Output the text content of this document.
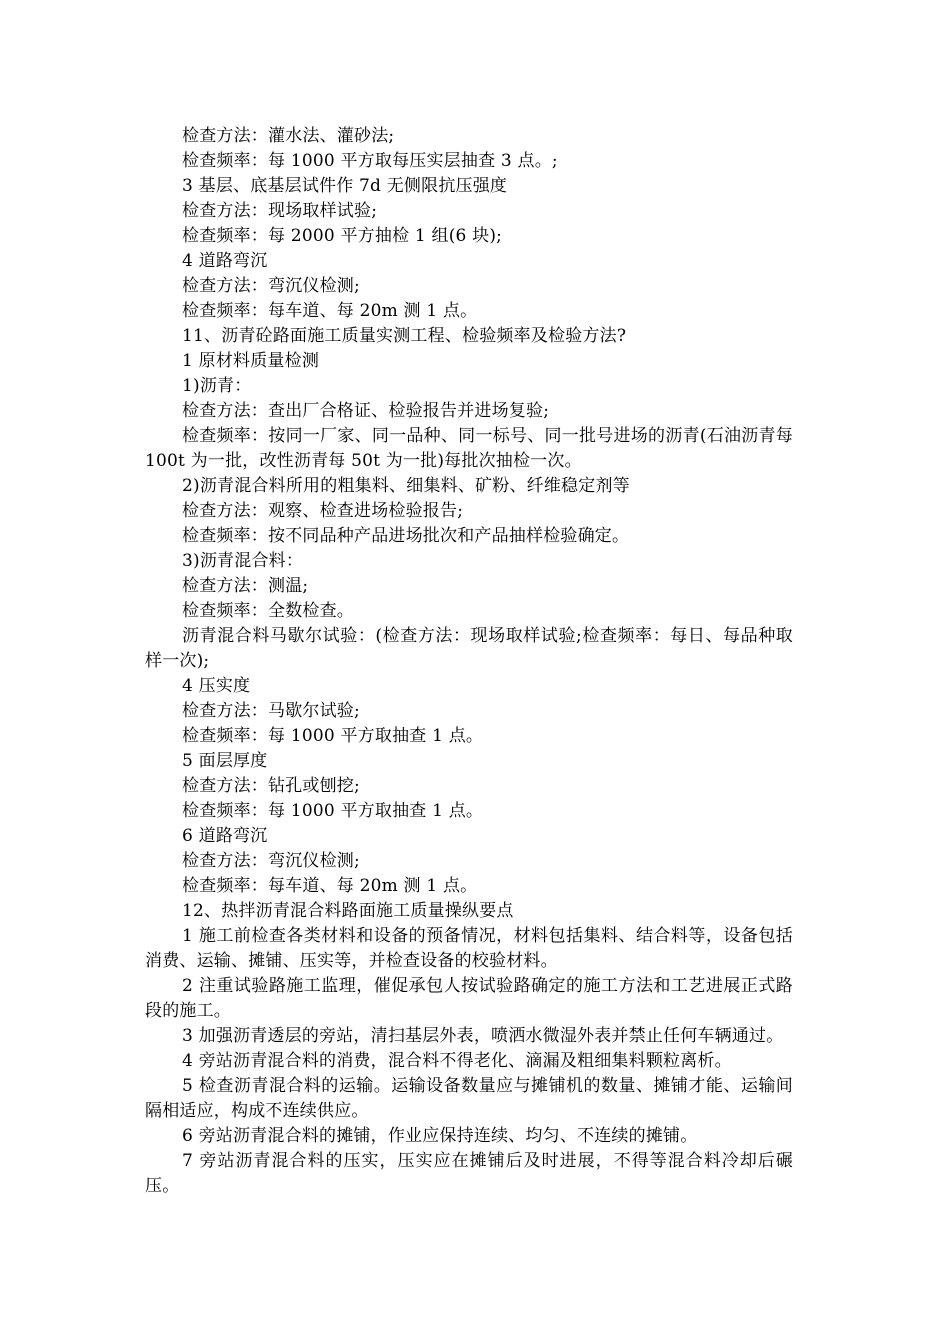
检查方法：灌水法、灌砂法;

检查频率：每 1000 平方取每压实层抽查 3 点。;

3 基层、底基层试件作 7d 无侧限抗压强度

检查方法：现场取样试验;

检查频率：每 2000 平方抽检 1 组(6 块);

4 道路弯沉

检查方法：弯沉仪检测;

检查频率：每车道、每 20m 测 1 点。

11、沥青砼路面施工质量实测工程、检验频率及检验方法?

1 原材料质量检测

1)沥青：

检查方法：查出厂合格证、检验报告并进场复验;

检查频率：按同一厂家、同一品种、同一标号、同一批号进场的沥青(石油沥青每 100t 为一批，改性沥青每 50t 为一批)每批次抽检一次。

2)沥青混合料所用的粗集料、细集料、矿粉、纤维稳定剂等

检查方法：观察、检查进场检验报告;

检查频率：按不同品种产品进场批次和产品抽样检验确定。

3)沥青混合料：

检查方法：测温;

检查频率：全数检查。

沥青混合料马歇尔试验：(检查方法：现场取样试验;检查频率：每日、每品种取样一次);

4 压实度

检查方法：马歇尔试验;

检查频率：每 1000 平方取抽查 1 点。

5 面层厚度

检查方法：钻孔或刨挖;

检查频率：每 1000 平方取抽查 1 点。

6 道路弯沉

检查方法：弯沉仪检测;

检查频率：每车道、每 20m 测 1 点。

12、热拌沥青混合料路面施工质量操纵要点

1 施工前检查各类材料和设备的预备情况，材料包括集料、结合料等，设备包括消费、运输、摊铺、压实等，并检查设备的校验材料。

2 注重试验路施工监理，催促承包人按试验路确定的施工方法和工艺进展正式路段的施工。

3 加强沥青透层的旁站，清扫基层外表，喷洒水微湿外表并禁止任何车辆通过。

4 旁站沥青混合料的消费，混合料不得老化、滴漏及粗细集料颗粒离析。

5 检查沥青混合料的运输。运输设备数量应与摊铺机的数量、摊铺才能、运输间隔相适应，构成不连续供应。

6 旁站沥青混合料的摊铺，作业应保持连续、均匀、不连续的摊铺。

7 旁站沥青混合料的压实，压实应在摊铺后及时进展，不得等混合料冷却后碾压。
